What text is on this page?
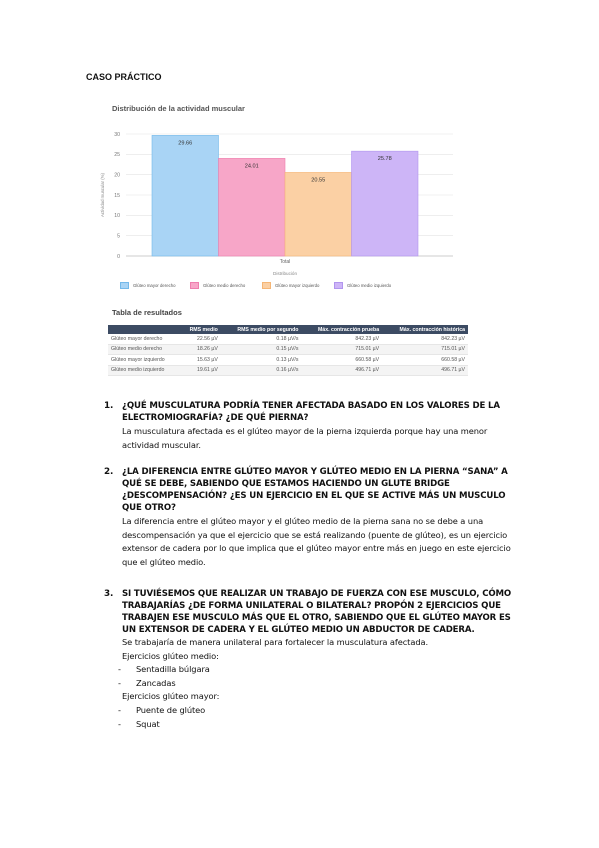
CASO PRÁCTICO
Distribución de la actividad muscular
0
5
10
15
20
25
30
Actividad muscular (%)
29.66
24.01
20.55
25.78
Total
Distribución
Glúteo mayor derecho	Glúteo medio derecho	Glúteo mayor izquierdo	Glúteo medio izquierdo
Tabla de resultados
	RMS medio	RMS medio por segundo	Máx. contracción prueba	Máx. contracción histórica
Glúteo mayor derecho	22.56 µV	0.18 µV/s	842.23 µV	842.23 µV
Glúteo medio derecho	18.26 µV	0.15 µV/s	715.01 µV	715.01 µV
Glúteo mayor izquierdo	15.63 µV	0.13 µV/s	660.58 µV	660.58 µV
Glúteo medio izquierdo	19.61 µV	0.16 µV/s	496.71 µV	496.71 µV
1. ¿QUÉ MUSCULATURA PODRÍA TENER AFECTADA BASADO EN LOS VALORES DE LA ELECTROMIOGRAFÍA? ¿DE QUÉ PIERNA?
La musculatura afectada es el glúteo mayor de la pierna izquierda porque hay una menor actividad muscular.
2. ¿LA DIFERENCIA ENTRE GLÚTEO MAYOR Y GLÚTEO MEDIO EN LA PIERNA “SANA” A QUÉ SE DEBE, SABIENDO QUE ESTAMOS HACIENDO UN GLUTE BRIDGE ¿DESCOMPENSACIÓN? ¿ES UN EJERCICIO EN EL QUE SE ACTIVE MÁS UN MUSCULO QUE OTRO?
La diferencia entre el glúteo mayor y el glúteo medio de la pierna sana no se debe a una descompensación ya que el ejercicio que se está realizando (puente de glúteo), es un ejercicio extensor de cadera por lo que implica que el glúteo mayor entre más en juego en este ejercicio que el glúteo medio.
3. SI TUVIÉSEMOS QUE REALIZAR UN TRABAJO DE FUERZA CON ESE MUSCULO, CÓMO TRABAJARÍAS ¿DE FORMA UNILATERAL O BILATERAL? PROPÓN 2 EJERCICIOS QUE TRABAJEN ESE MUSCULO MÁS QUE EL OTRO, SABIENDO QUE EL GLÚTEO MAYOR ES UN EXTENSOR DE CADERA Y EL GLÚTEO MEDIO UN ABDUCTOR DE CADERA.
Se trabajaría de manera unilateral para fortalecer la musculatura afectada.
Ejercicios glúteo medio:
-	Sentadilla búlgara
-	Zancadas
Ejercicios glúteo mayor:
-	Puente de glúteo
-	Squat
